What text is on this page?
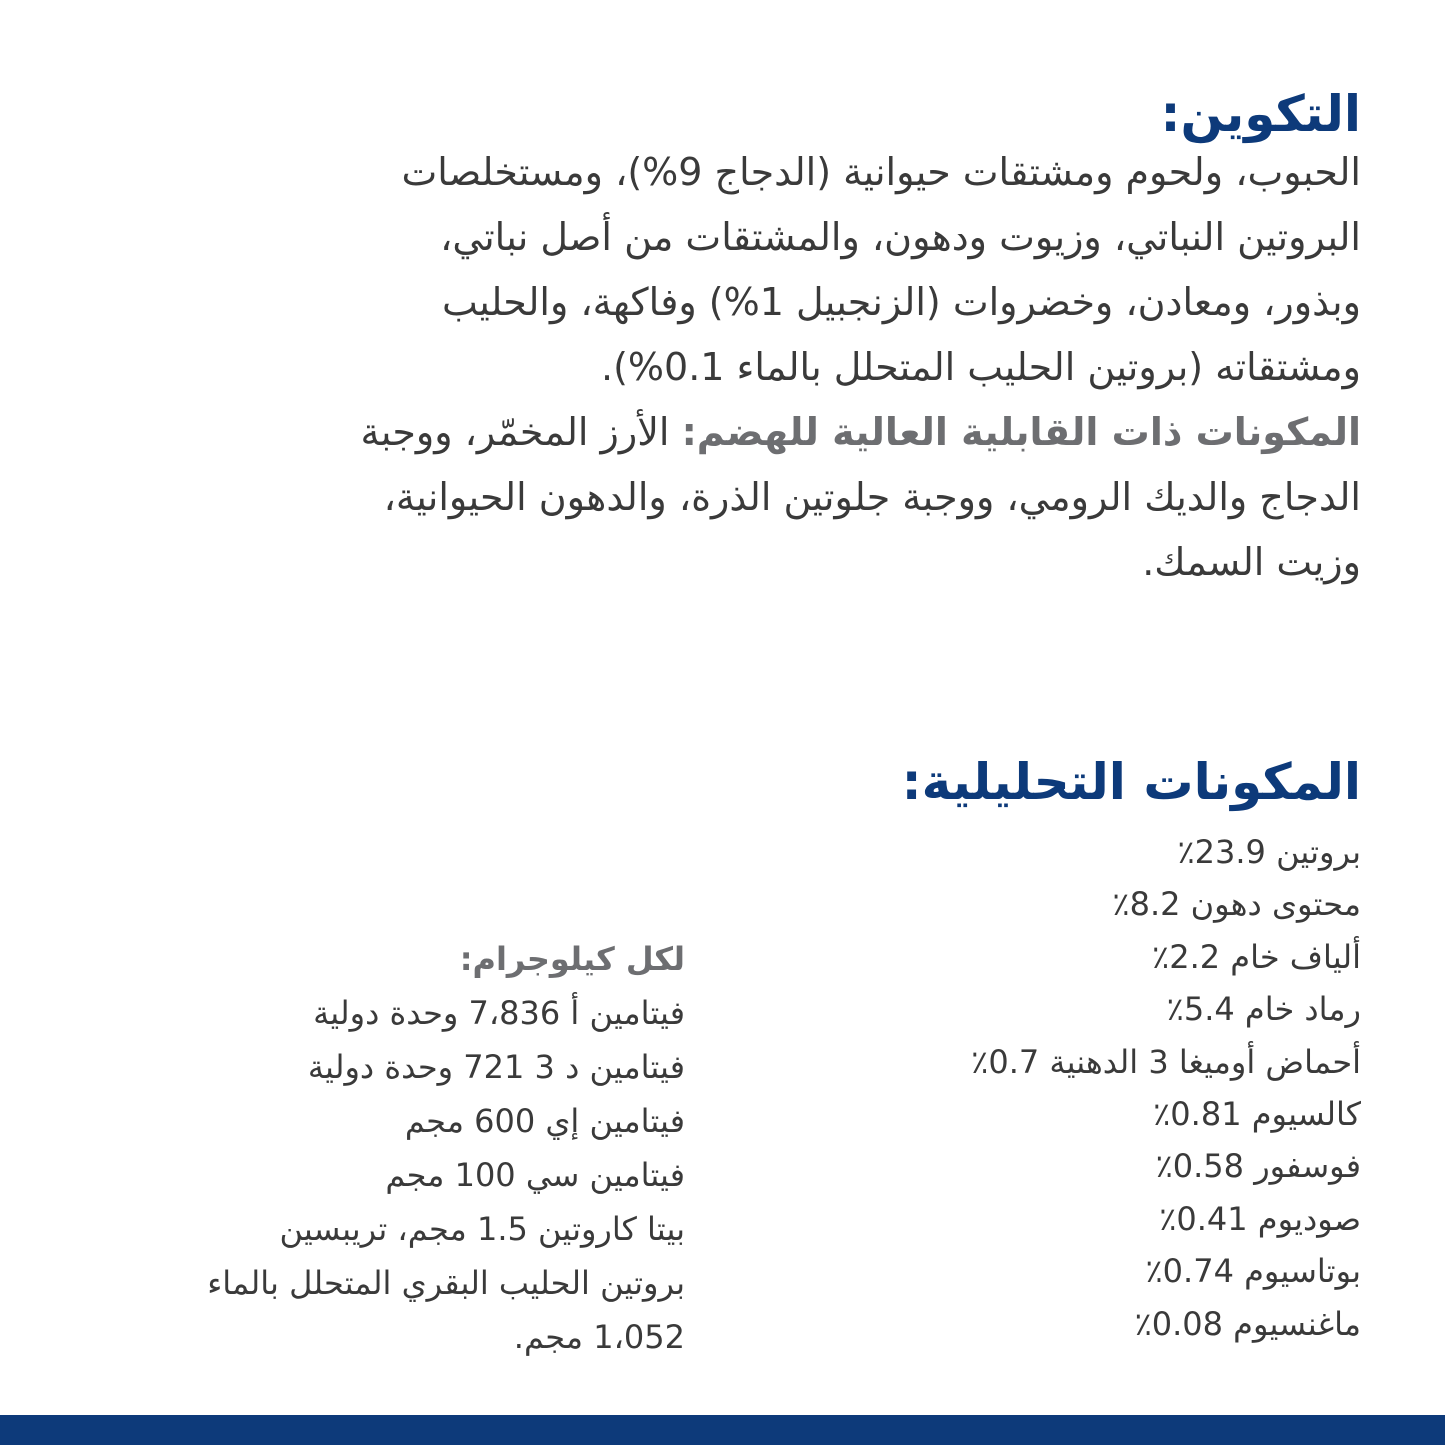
التكوين:
الحبوب، ولحوم ومشتقات حيوانية (الدجاج 9%)، ومستخلصات
البروتين النباتي، وزيوت ودهون، والمشتقات من أصل نباتي،
وبذور، ومعادن، وخضروات (الزنجبيل 1%) وفاكهة، والحليب
ومشتقاته (بروتين الحليب المتحلل بالماء 0.1%).
المكونات ذات القابلية العالية للهضم: الأرز المخمّر، ووجبة
الدجاج والديك الرومي، ووجبة جلوتين الذرة، والدهون الحيوانية،
وزيت السمك.
المكونات التحليلية:
بروتين 23.9٪
محتوى دهون 8.2٪
ألياف خام 2.2٪
رماد خام 5.4٪
أحماض أوميغا 3 الدهنية 0.7٪
كالسيوم 0.81٪
فوسفور 0.58٪
صوديوم 0.41٪
بوتاسيوم 0.74٪
ماغنسيوم 0.08٪
لكل كيلوجرام:
فيتامين أ 7،836 وحدة دولية
فيتامين د 3 721 وحدة دولية
فيتامين إي 600 مجم
فيتامين سي 100 مجم
بيتا كاروتين 1.5 مجم، تريبسين
بروتين الحليب البقري المتحلل بالماء
1،052 مجم.
